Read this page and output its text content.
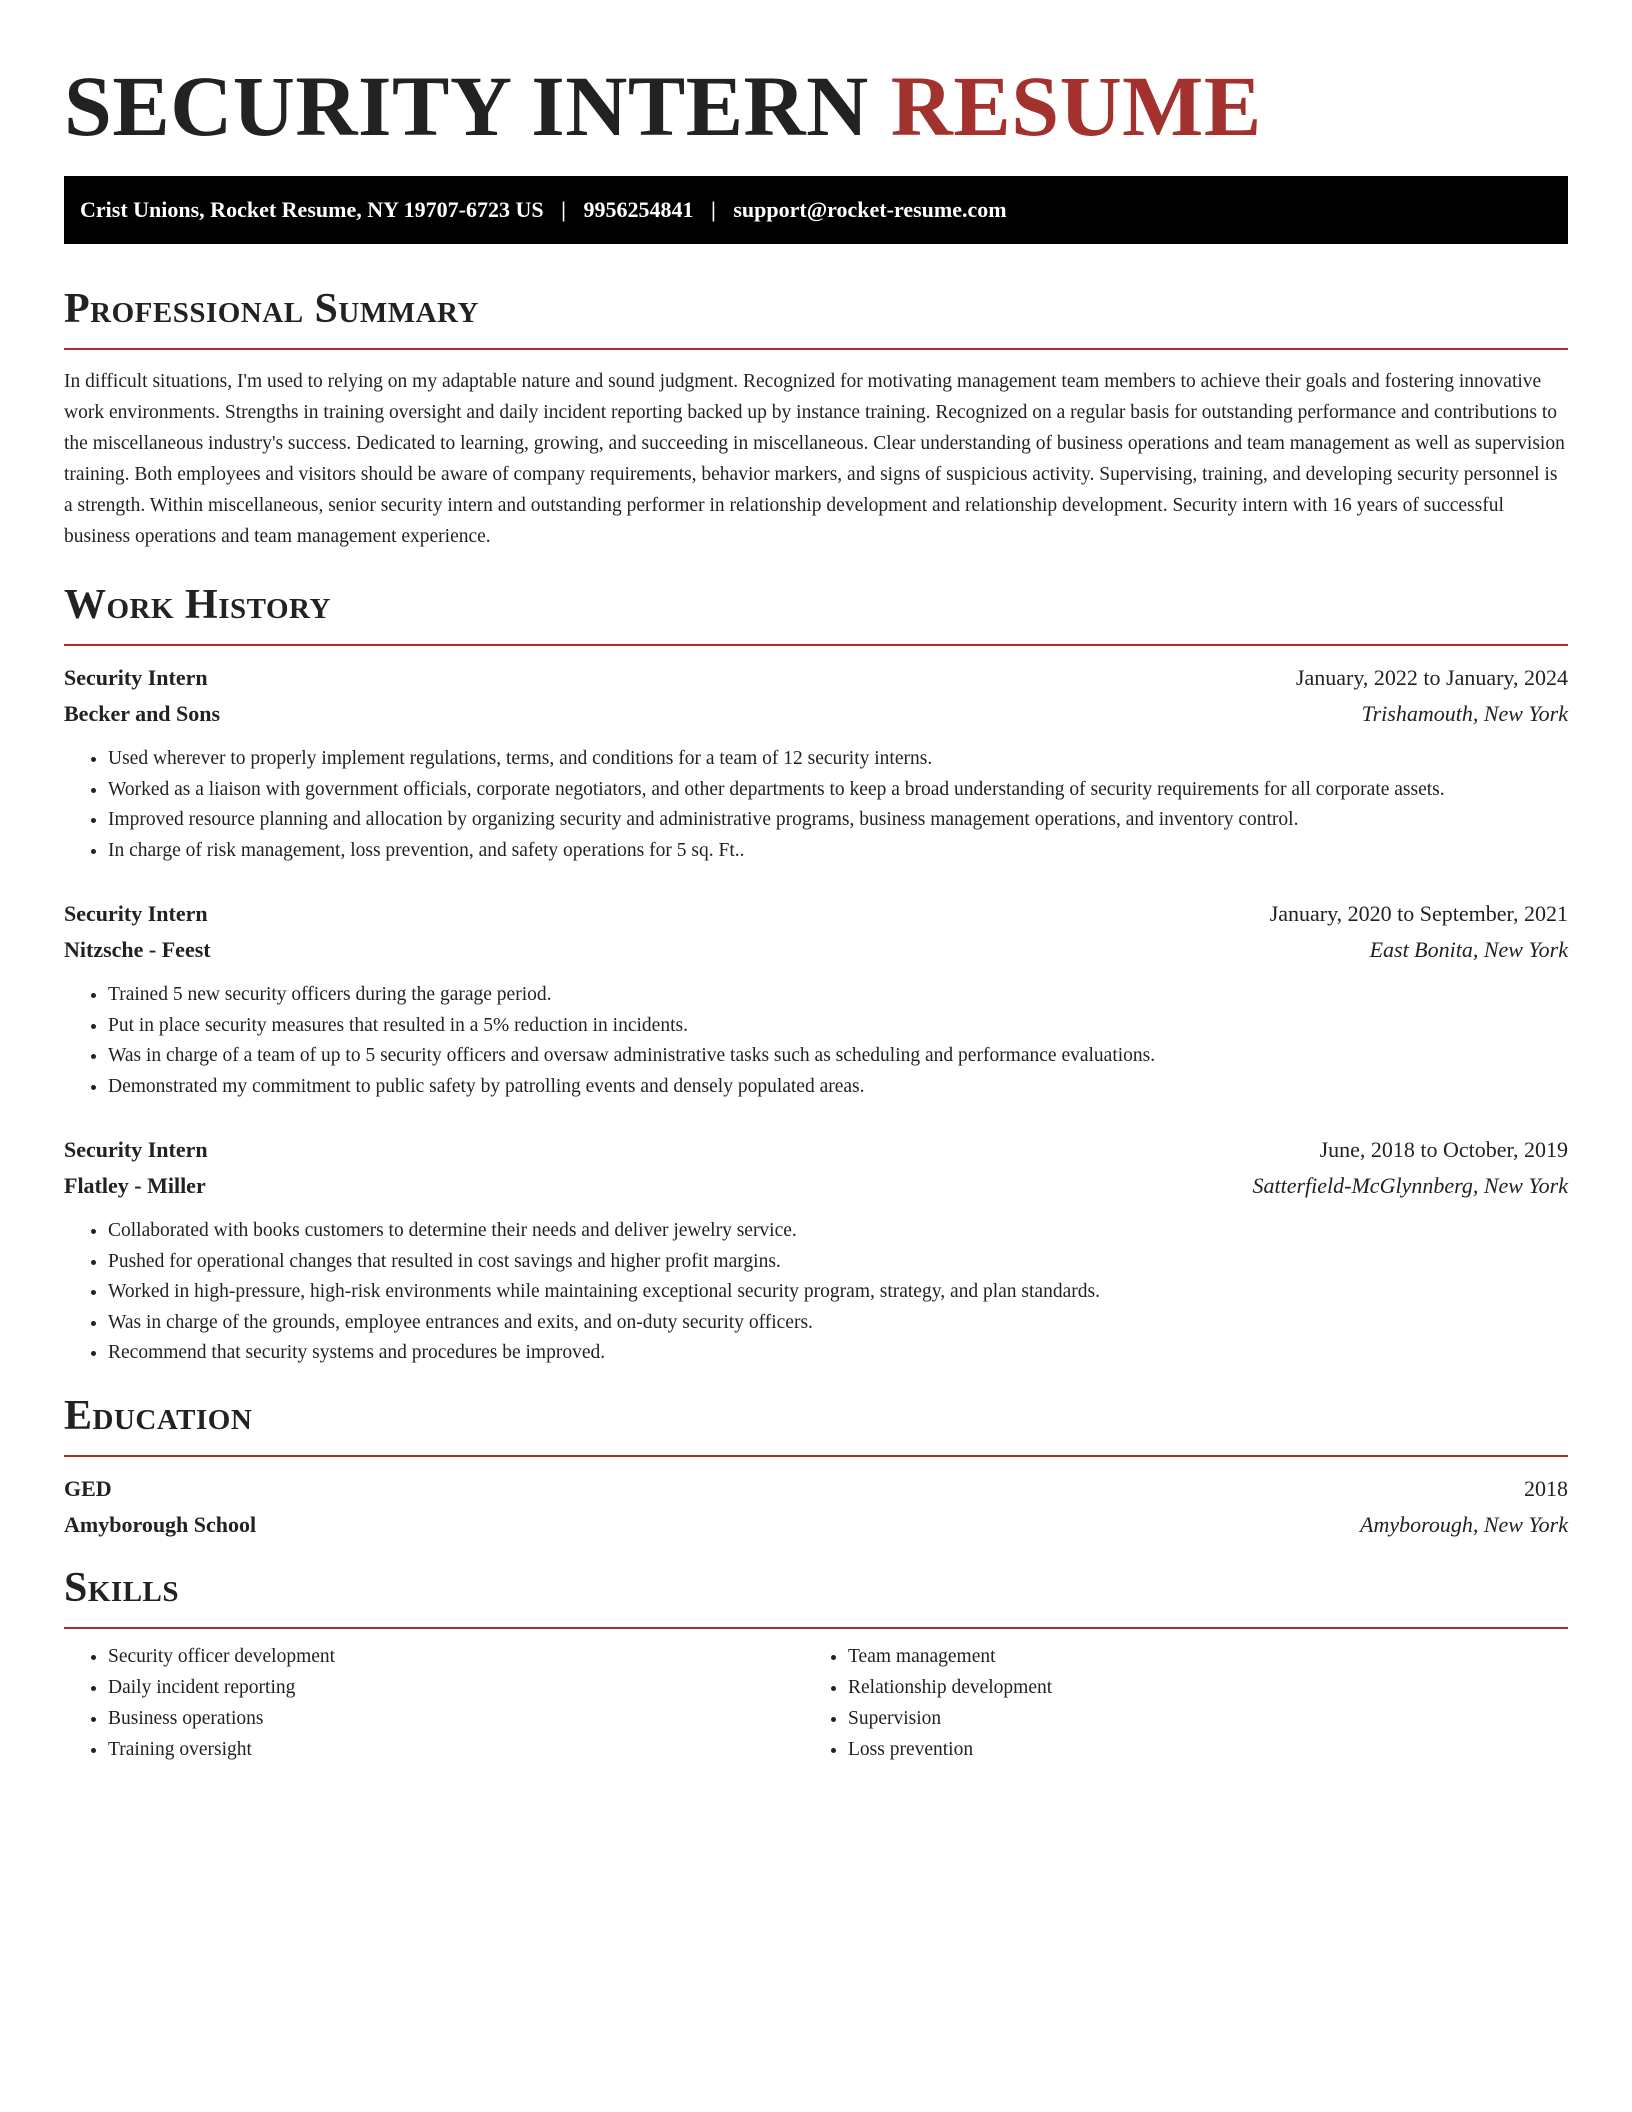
SECURITY INTERN RESUME
Crist Unions, Rocket Resume, NY 19707-6723 US | 9956254841 | support@rocket-resume.com
Professional Summary

In difficult situations, I'm used to relying on my adaptable nature and sound judgment. Recognized for motivating management team members to achieve their goals and fostering innovative work environments. Strengths in training oversight and daily incident reporting backed up by instance training. Recognized on a regular basis for outstanding performance and contributions to the miscellaneous industry's success. Dedicated to learning, growing, and succeeding in miscellaneous. Clear understanding of business operations and team management as well as supervision training. Both employees and visitors should be aware of company requirements, behavior markers, and signs of suspicious activity. Supervising, training, and developing security personnel is a strength. Within miscellaneous, senior security intern and outstanding performer in relationship development and relationship development. Security intern with 16 years of successful business operations and team management experience.

Work History
Security Intern	January, 2022 to January, 2024
Becker and Sons	Trishamouth, New York
• Used wherever to properly implement regulations, terms, and conditions for a team of 12 security interns.
• Worked as a liaison with government officials, corporate negotiators, and other departments to keep a broad understanding of security requirements for all corporate assets.
• Improved resource planning and allocation by organizing security and administrative programs, business management operations, and inventory control.
• In charge of risk management, loss prevention, and safety operations for 5 sq. Ft..
Security Intern	January, 2020 to September, 2021
Nitzsche - Feest	East Bonita, New York
• Trained 5 new security officers during the garage period.
• Put in place security measures that resulted in a 5% reduction in incidents.
• Was in charge of a team of up to 5 security officers and oversaw administrative tasks such as scheduling and performance evaluations.
• Demonstrated my commitment to public safety by patrolling events and densely populated areas.
Security Intern	June, 2018 to October, 2019
Flatley - Miller	Satterfield-McGlynnberg, New York
• Collaborated with books customers to determine their needs and deliver jewelry service.
• Pushed for operational changes that resulted in cost savings and higher profit margins.
• Worked in high-pressure, high-risk environments while maintaining exceptional security program, strategy, and plan standards.
• Was in charge of the grounds, employee entrances and exits, and on-duty security officers.
• Recommend that security systems and procedures be improved.
Education
GED	2018
Amyborough School	Amyborough, New York
Skills
• Security officer development
• Daily incident reporting
• Business operations
• Training oversight
• Team management
• Relationship development
• Supervision
• Loss prevention
